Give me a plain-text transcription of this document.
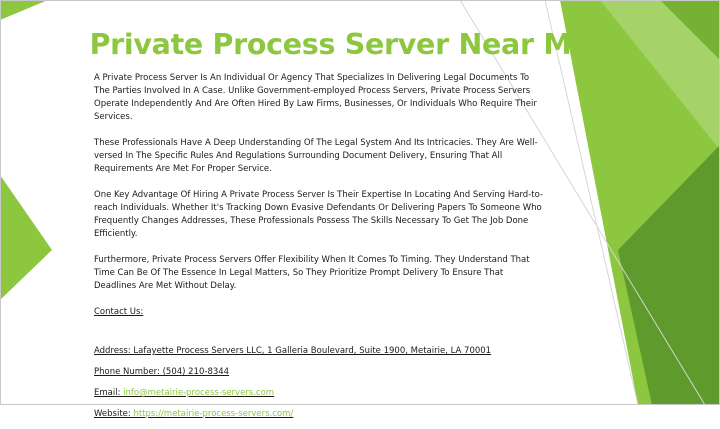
Private Process Server Near Me

A Private Process Server Is An Individual Or Agency That Specializes In Delivering Legal Documents To The Parties Involved In A Case. Unlike Government-employed Process Servers, Private Process Servers Operate Independently And Are Often Hired By Law Firms, Businesses, Or Individuals Who Require Their Services.

These Professionals Have A Deep Understanding Of The Legal System And Its Intricacies. They Are Well-versed In The Specific Rules And Regulations Surrounding Document Delivery, Ensuring That All Requirements Are Met For Proper Service.

One Key Advantage Of Hiring A Private Process Server Is Their Expertise In Locating And Serving Hard-to-reach Individuals. Whether It's Tracking Down Evasive Defendants Or Delivering Papers To Someone Who Frequently Changes Addresses, These Professionals Possess The Skills Necessary To Get The Job Done Efficiently.

Furthermore, Private Process Servers Offer Flexibility When It Comes To Timing. They Understand That Time Can Be Of The Essence In Legal Matters, So They Prioritize Prompt Delivery To Ensure That Deadlines Are Met Without Delay.

Contact Us:

Address: Lafayette Process Servers LLC, 1 Galleria Boulevard, Suite 1900, Metairie, LA 70001

Phone Number: (504) 210-8344

Email: info@metairie-process-servers.com

Website: https://metairie-process-servers.com/
